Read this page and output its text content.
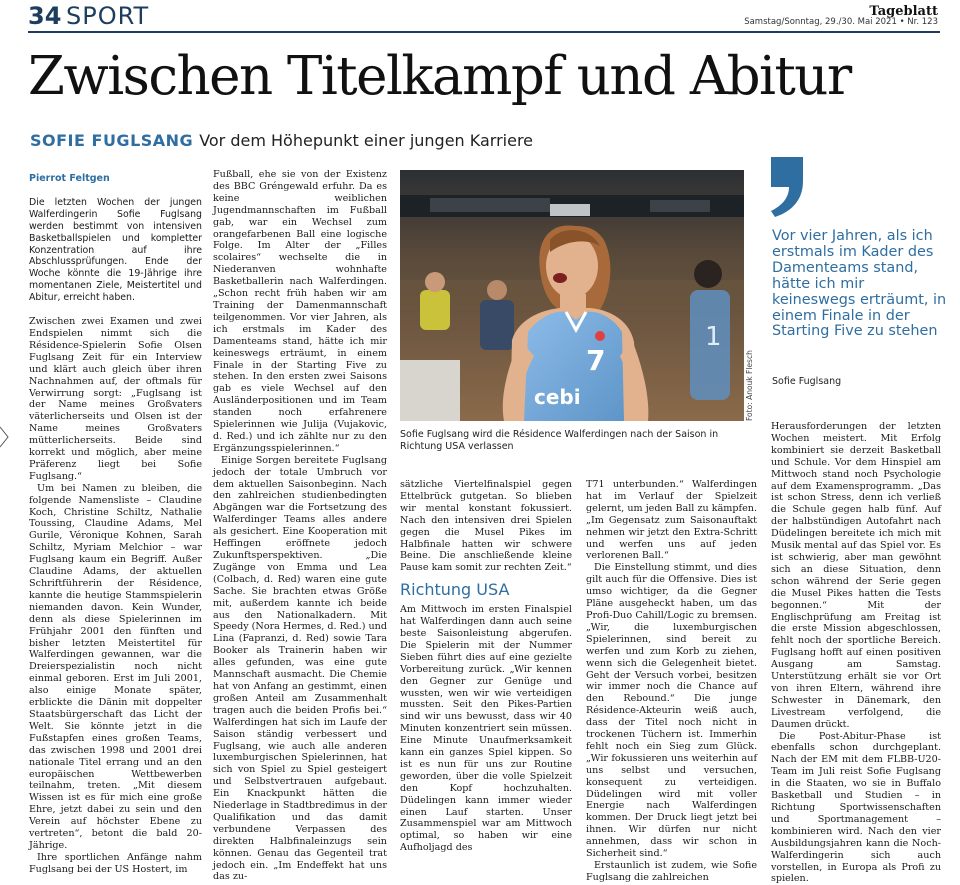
34 SPORT	Tageblatt
Samstag/Sonntag, 29./30. Mai 2021 • Nr. 123
Zwischen Titelkampf und Abitur
SOFIE FUGLSANG Vor dem Höhepunkt einer jungen Karriere
Pierrot Feltgen

Die letzten Wochen der jungen Walferdingerin Sofie Fuglsang werden bestimmt von intensiven Basketballspielen und kompletter Konzentration auf ihre Abschlussprüfungen. Ende der Woche könnte die 19-Jährige ihre momentanen Ziele, Meistertitel und Abitur, erreicht haben.

Zwischen zwei Examen und zwei Endspielen nimmt sich die Résidence-Spielerin Sofie Olsen Fuglsang Zeit für ein Interview und klärt auch gleich über ihren Nachnahmen auf, der oftmals für Verwirrung sorgt: „Fuglsang ist der Name meines Großvaters väterlicherseits und Olsen ist der Name meines Großvaters mütterlicherseits. Beide sind korrekt und möglich, aber meine Präferenz liegt bei Sofie Fuglsang.“

Um bei Namen zu bleiben, die folgende Namensliste – Claudine Koch, Christine Schiltz, Nathalie Toussing, Claudine Adams, Mel Gurile, Véronique Kohnen, Sarah Schiltz, Myriam Melchior – war Fuglsang kaum ein Begriff. Außer Claudine Adams, der aktuellen Schriftführerin der Résidence, kannte die heutige Stammspielerin niemanden davon. Kein Wunder, denn als diese Spielerinnen im Frühjahr 2001 den fünften und bisher letzten Meistertitel für Walferdingen gewannen, war die Dreierspezialistin noch nicht einmal geboren. Erst im Juli 2001, also einige Monate später, erblickte die Dänin mit doppelter Staatsbürgerschaft das Licht der Welt. Sie könnte jetzt in die Fußstapfen eines großen Teams, das zwischen 1998 und 2001 drei nationale Titel errang und an den europäischen Wettbewerben teilnahm, treten. „Mit diesem Wissen ist es für mich eine große Ehre, jetzt dabei zu sein und den Verein auf höchster Ebene zu vertreten“, betont die bald 20-Jährige.

Ihre sportlichen Anfänge nahm Fuglsang bei der US Hostert, im

Fußball, ehe sie von der Existenz des BBC Gréngewald erfuhr. Da es keine weiblichen Jugendmannschaften im Fußball gab, war ein Wechsel zum orangefarbenen Ball eine logische Folge. Im Alter der „Filles scolaires“ wechselte die in Niederanven wohnhafte Basketballerin nach Walferdingen. „Schon recht früh haben wir am Training der Damenmannschaft teilgenommen. Vor vier Jahren, als ich erstmals im Kader des Damenteams stand, hätte ich mir keineswegs erträumt, in einem Finale in der Starting Five zu stehen. In den ersten zwei Saisons gab es viele Wechsel auf den Ausländerpositionen und im Team standen noch erfahrenere Spielerinnen wie Julija (Vujakovic, d. Red.) und ich zählte nur zu den Ergänzungsspielerinnen.“

Einige Sorgen bereitete Fuglsang jedoch der totale Umbruch vor dem aktuellen Saisonbeginn. Nach den zahlreichen studienbedingten Abgängen war die Fortsetzung des Walferdinger Teams alles andere als gesichert. Eine Kooperation mit Heffingen eröffnete jedoch Zukunftsperspektiven. „Die Zugänge von Emma und Lea (Colbach, d. Red) waren eine gute Sache. Sie brachten etwas Größe mit, außerdem kannte ich beide aus den Nationalkadern. Mit Speedy (Nora Hermes, d. Red.) und Lina (Fapranzi, d. Red) sowie Tara Booker als Trainerin haben wir alles gefunden, was eine gute Mannschaft ausmacht. Die Chemie hat von Anfang an gestimmt, einen großen Anteil am Zusammenhalt tragen auch die beiden Profis bei.“ Walferdingen hat sich im Laufe der Saison ständig verbessert und Fuglsang, wie auch alle anderen luxemburgischen Spielerinnen, hat sich von Spiel zu Spiel gesteigert und Selbstvertrauen aufgebaut. Ein Knackpunkt hätten die Niederlage in Stadtbredimus in der Qualifikation und das damit verbundene Verpassen des direkten Halbfinaleinzugs sein können. Genau das Gegenteil trat jedoch ein. „Im Endeffekt hat uns das zu-

1
7
cebi	Foto: Anouk Flesch
Sofie Fuglsang wird die Résidence Walferdingen nach der Saison in Richtung USA verlassen
Vor vier Jahren, als ich erstmals im Kader des Damenteams stand, hätte ich mir keineswegs erträumt, in einem Finale in der Starting Five zu stehen
Sofie Fuglsang

sätzliche Viertelfinalspiel gegen Ettelbrück gutgetan. So blieben wir mental konstant fokussiert. Nach den intensiven drei Spielen gegen die Musel Pikes im Halbfinale hatten wir schwere Beine. Die anschließende kleine Pause kam somit zur rechten Zeit.“

Richtung USA

Am Mittwoch im ersten Finalspiel hat Walferdingen dann auch seine beste Saisonleistung abgerufen. Die Spielerin mit der Nummer Sieben führt dies auf eine gezielte Vorbereitung zurück. „Wir kennen den Gegner zur Genüge und wussten, wen wir wie verteidigen mussten. Seit den Pikes-Partien sind wir uns bewusst, dass wir 40 Minuten konzentriert sein müssen. Eine Minute Unaufmerksamkeit kann ein ganzes Spiel kippen. So ist es nun für uns zur Routine geworden, über die volle Spielzeit den Kopf hochzuhalten. Düdelingen kann immer wieder einen Lauf starten. Unser Zusammenspiel war am Mittwoch optimal, so haben wir eine Aufholjagd des

T71 unterbunden.“ Walferdingen hat im Verlauf der Spielzeit gelernt, um jeden Ball zu kämpfen. „Im Gegensatz zum Saisonauftakt nehmen wir jetzt den Extra-Schritt und werfen uns auf jeden verlorenen Ball.“

Die Einstellung stimmt, und dies gilt auch für die Offensive. Dies ist umso wichtiger, da die Gegner Pläne ausgeheckt haben, um das Profi-Duo Cahill/Logic zu bremsen. „Wir, die luxemburgischen Spielerinnen, sind bereit zu werfen und zum Korb zu ziehen, wenn sich die Gelegenheit bietet. Geht der Versuch vorbei, besitzen wir immer noch die Chance auf den Rebound.“ Die junge Résidence-Akteurin weiß auch, dass der Titel noch nicht in trockenen Tüchern ist. Immerhin fehlt noch ein Sieg zum Glück. „Wir fokussieren uns weiterhin auf uns selbst und versuchen, konsequent zu verteidigen. Düdelingen wird mit voller Energie nach Walferdingen kommen. Der Druck liegt jetzt bei ihnen. Wir dürfen nur nicht annehmen, dass wir schon in Sicherheit sind.“

Erstaunlich ist zudem, wie Sofie Fuglsang die zahlreichen

Herausforderungen der letzten Wochen meistert. Mit Erfolg kombiniert sie derzeit Basketball und Schule. Vor dem Hinspiel am Mittwoch stand noch Psychologie auf dem Examensprogramm. „Das ist schon Stress, denn ich verließ die Schule gegen halb fünf. Auf der halbstündigen Autofahrt nach Düdelingen bereitete ich mich mit Musik mental auf das Spiel vor. Es ist schwierig, aber man gewöhnt sich an diese Situation, denn schon während der Serie gegen die Musel Pikes hatten die Tests begonnen.“ Mit der Englischprüfung am Freitag ist die erste Mission abgeschlossen, fehlt noch der sportliche Bereich. Fuglsang hofft auf einen positiven Ausgang am Samstag. Unterstützung erhält sie vor Ort von ihren Eltern, während ihre Schwester in Dänemark, den Livestream verfolgend, die Daumen drückt.

Die Post-Abitur-Phase ist ebenfalls schon durchgeplant. Nach der EM mit dem FLBB-U20-Team im Juli reist Sofie Fuglsang in die Staaten, wo sie in Buffalo Basketball und Studien – in Richtung Sportwissenschaften und Sportmanagement – kombinieren wird. Nach den vier Ausbildungsjahren kann die Noch-Walferdingerin sich auch vorstellen, in Europa als Profi zu spielen.
